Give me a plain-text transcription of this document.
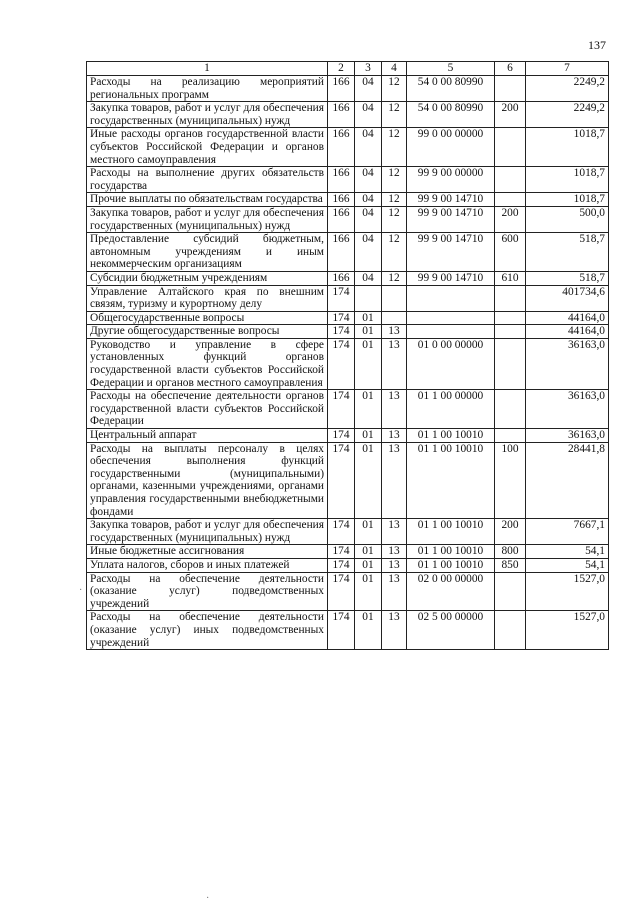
137
·
·
1	2	3	4	5	6	7
Расходы на реализацию мероприятий региональных программ	166	04	12	54 0 00 80990		2249,2
Закупка товаров, работ и услуг для обеспечения государственных (муниципальных) нужд	166	04	12	54 0 00 80990	200	2249,2
Иные расходы органов государственной власти субъектов Российской Федерации и органов местного самоуправления	166	04	12	99 0 00 00000		1018,7
Расходы на выполнение других обязательств государства	166	04	12	99 9 00 00000		1018,7
Прочие выплаты по обязательствам государства	166	04	12	99 9 00 14710		1018,7
Закупка товаров, работ и услуг для обеспечения государственных (муниципальных) нужд	166	04	12	99 9 00 14710	200	500,0
Предоставление субсидий бюджетным, автономным учреждениям и иным некоммерческим организациям	166	04	12	99 9 00 14710	600	518,7
Субсидии бюджетным учреждениям	166	04	12	99 9 00 14710	610	518,7
Управление Алтайского края по внешним связям, туризму и курортному делу	174					401734,6
Общегосударственные вопросы	174	01				44164,0
Другие общегосударственные вопросы	174	01	13			44164,0
Руководство и управление в сфере установленных функций органов государственной власти субъектов Российской Федерации и органов местного самоуправления	174	01	13	01 0 00 00000		36163,0
Расходы на обеспечение деятельности органов государственной власти субъектов Российской Федерации	174	01	13	01 1 00 00000		36163,0
Центральный аппарат	174	01	13	01 1 00 10010		36163,0
Расходы на выплаты персоналу в целях обеспечения выполнения функций государственными (муниципальными) органами, казенными учреждениями, органами управления государственными внебюджетными фондами	174	01	13	01 1 00 10010	100	28441,8
Закупка товаров, работ и услуг для обеспечения государственных (муниципальных) нужд	174	01	13	01 1 00 10010	200	7667,1
Иные бюджетные ассигнования	174	01	13	01 1 00 10010	800	54,1
Уплата налогов, сборов и иных платежей	174	01	13	01 1 00 10010	850	54,1
Расходы на обеспечение деятельности (оказание услуг) подведомственных учреждений	174	01	13	02 0 00 00000		1527,0
Расходы на обеспечение деятельности (оказание услуг) иных подведомственных учреждений	174	01	13	02 5 00 00000		1527,0
